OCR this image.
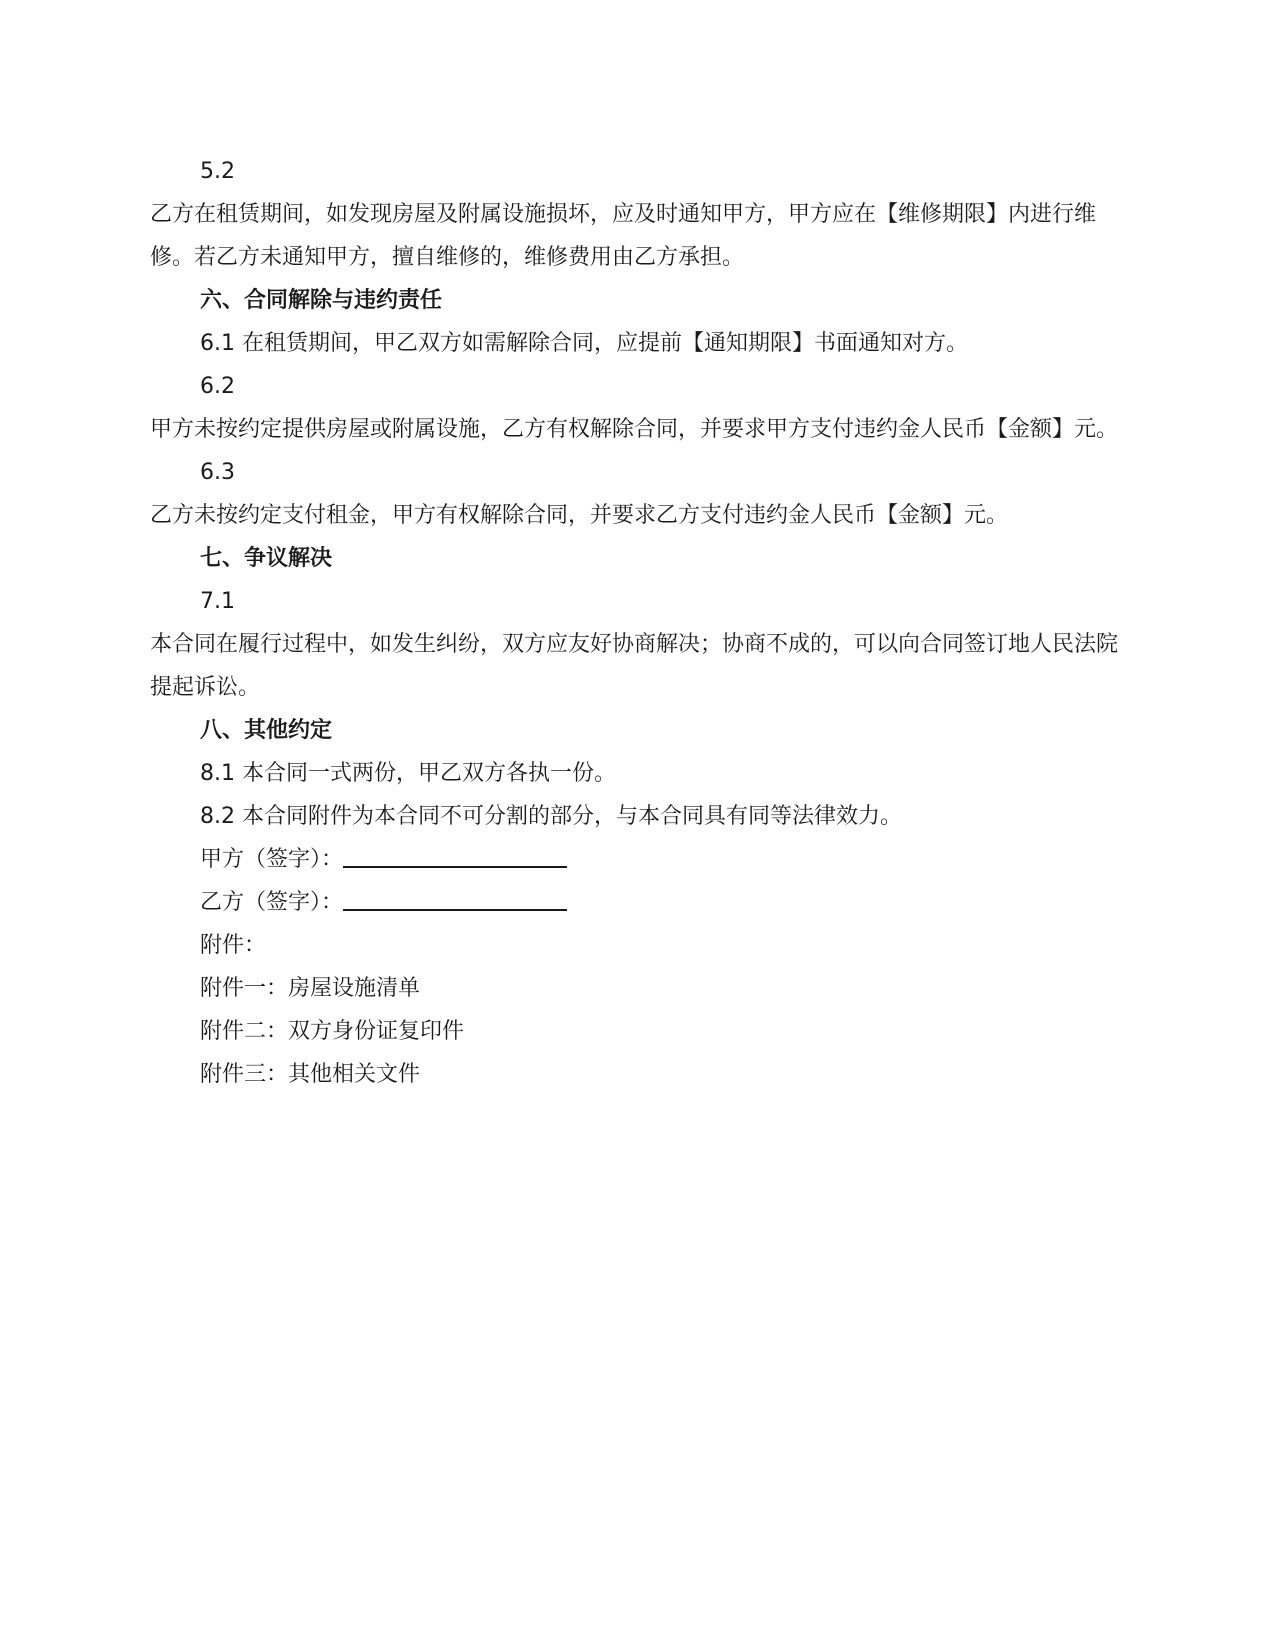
5.2

乙方在租赁期间，如发现房屋及附属设施损坏，应及时通知甲方，甲方应在【维修期限】内进行维修。若乙方未通知甲方，擅自维修的，维修费用由乙方承担。

六、合同解除与违约责任

6.1 在租赁期间，甲乙双方如需解除合同，应提前【通知期限】书面通知对方。

6.2

甲方未按约定提供房屋或附属设施，乙方有权解除合同，并要求甲方支付违约金人民币【金额】元。

6.3

乙方未按约定支付租金，甲方有权解除合同，并要求乙方支付违约金人民币【金额】元。

七、争议解决

7.1

本合同在履行过程中，如发生纠纷，双方应友好协商解决；协商不成的，可以向合同签订地人民法院提起诉讼。

八、其他约定

8.1 本合同一式两份，甲乙双方各执一份。

8.2 本合同附件为本合同不可分割的部分，与本合同具有同等法律效力。

甲方（签字）：

乙方（签字）：

附件：

附件一：房屋设施清单

附件二：双方身份证复印件

附件三：其他相关文件
